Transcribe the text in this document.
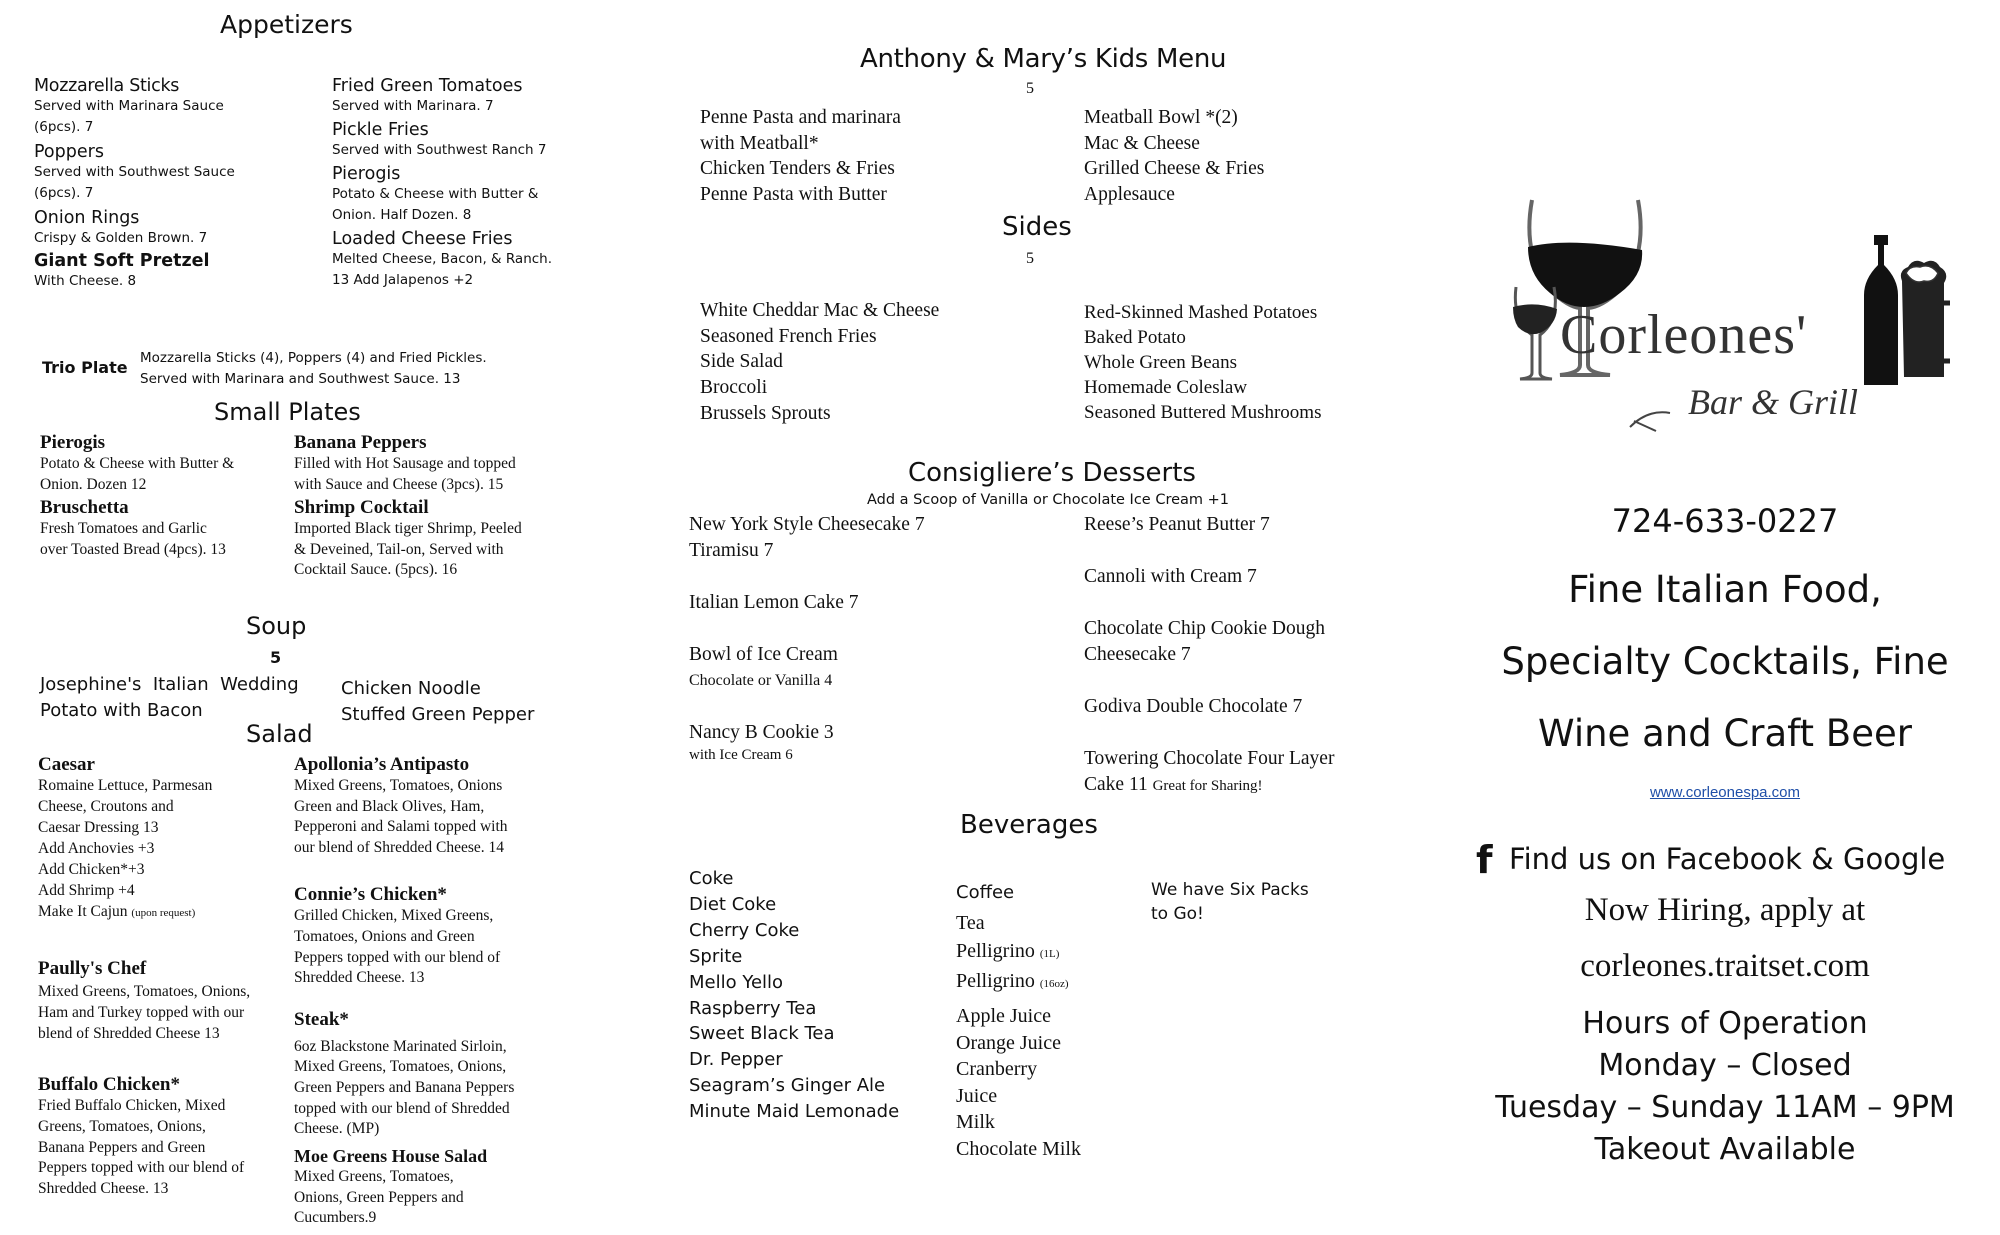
Appetizers
Mozzarella Sticks
Served with Marinara Sauce
(6pcs). 7
Poppers
Served with Southwest Sauce
(6pcs). 7
Onion Rings
Crispy & Golden Brown. 7
Giant Soft Pretzel
With Cheese. 8
Fried Green Tomatoes
Served with Marinara. 7
Pickle Fries
Served with Southwest Ranch 7
Pierogis
Potato & Cheese with Butter &
Onion. Half Dozen. 8
Loaded Cheese Fries
Melted Cheese, Bacon, & Ranch.
13 Add Jalapenos +2
Trio Plate Mozzarella Sticks (4), Poppers (4) and Fried Pickles.
Served with Marinara and Southwest Sauce. 13
Small Plates
Pierogis
Potato & Cheese with Butter &
Onion. Dozen 12
Bruschetta
Fresh Tomatoes and Garlic
over Toasted Bread (4pcs). 13
Banana Peppers
Filled with Hot Sausage and topped
with Sauce and Cheese (3pcs). 15
Shrimp Cocktail
Imported Black tiger Shrimp, Peeled
& Deveined, Tail-on, Served with
Cocktail Sauce. (5pcs). 16
Soup
5
Josephine's  Italian  Wedding
Potato with Bacon
Chicken Noodle
Stuffed Green Pepper
Salad
Caesar
Romaine Lettuce, Parmesan
Cheese, Croutons and
Caesar Dressing 13
Add Anchovies +3
Add Chicken*+3
Add Shrimp +4
Make It Cajun (upon request)
Paully's Chef
Mixed Greens, Tomatoes, Onions,
Ham and Turkey topped with our
blend of Shredded Cheese 13
Buffalo Chicken*
Fried Buffalo Chicken, Mixed
Greens, Tomatoes, Onions,
Banana Peppers and Green
Peppers topped with our blend of
Shredded Cheese. 13
Apollonia’s Antipasto
Mixed Greens, Tomatoes, Onions
Green and Black Olives, Ham,
Pepperoni and Salami topped with
our blend of Shredded Cheese. 14
Connie’s Chicken*
Grilled Chicken, Mixed Greens,
Tomatoes, Onions and Green
Peppers topped with our blend of
Shredded Cheese. 13
Steak*
6oz Blackstone Marinated Sirloin,
Mixed Greens, Tomatoes, Onions,
Green Peppers and Banana Peppers
topped with our blend of Shredded
Cheese. (MP)
Moe Greens House Salad
Mixed Greens, Tomatoes,
Onions, Green Peppers and
Cucumbers.9
Anthony & Mary’s Kids Menu
5
Penne Pasta and marinara
with Meatball*
Chicken Tenders & Fries
Penne Pasta with Butter
Meatball Bowl *(2)
Mac & Cheese
Grilled Cheese & Fries
Applesauce
Sides
5
White Cheddar Mac & Cheese
Seasoned French Fries
Side Salad
Broccoli
Brussels Sprouts
Red-Skinned Mashed Potatoes
Baked Potato
Whole Green Beans
Homemade Coleslaw
Seasoned Buttered Mushrooms
Consigliere’s Desserts
Add a Scoop of Vanilla or Chocolate Ice Cream +1
New York Style Cheesecake 7
Tiramisu 7
Italian Lemon Cake 7
Bowl of Ice Cream
Chocolate or Vanilla 4
Nancy B Cookie 3
with Ice Cream 6
Reese’s Peanut Butter 7
Cannoli with Cream 7
Chocolate Chip Cookie Dough
Cheesecake 7
Godiva Double Chocolate 7
Towering Chocolate Four Layer
Cake 11 Great for Sharing!
Beverages
Coke
Diet Coke
Cherry Coke
Sprite
Mello Yello
Raspberry Tea
Sweet Black Tea
Dr. Pepper
Seagram’s Ginger Ale
Minute Maid Lemonade
Coffee
Tea
Pelligrino (1L)
Pelligrino (16oz)
Apple Juice
Orange Juice
Cranberry
Juice
Milk
Chocolate Milk
We have Six Packs
to Go!
Corleones'
Bar & Grill
724-633-0227
Fine Italian Food,
Specialty Cocktails, Fine
Wine and Craft Beer
www.corleonespa.com
f Find us on Facebook & Google
Now Hiring, apply at
corleones.traitset.com
Hours of Operation
Monday – Closed
Tuesday – Sunday 11AM – 9PM
Takeout Available
